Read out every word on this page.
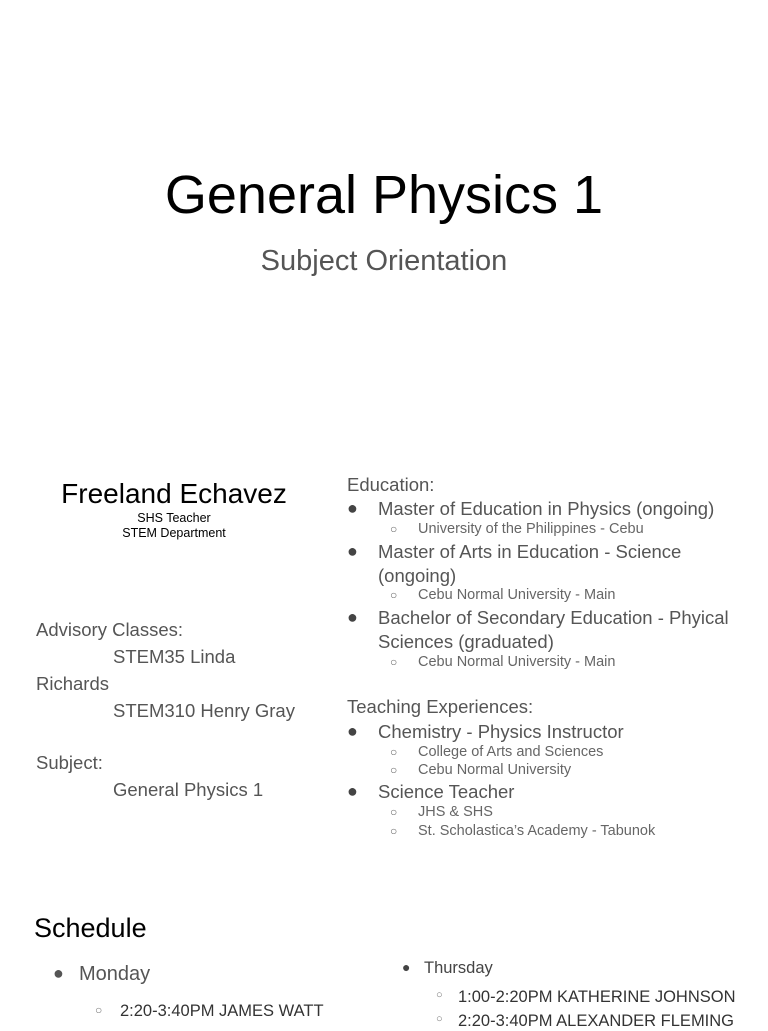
General Physics 1
Subject Orientation
Freeland Echavez
SHS Teacher
STEM Department
Advisory Classes:
STEM35 Linda
Richards
STEM310 Henry Gray
Subject:
General Physics 1
Education:
● Master of Education in Physics (ongoing)
○ University of the Philippines - Cebu
● Master of Arts in Education - Science (ongoing)
○ Cebu Normal University - Main
● Bachelor of Secondary Education - Phyical Sciences (graduated)
○ Cebu Normal University - Main
Teaching Experiences:
● Chemistry - Physics Instructor
○ College of Arts and Sciences
○ Cebu Normal University
● Science Teacher
○ JHS & SHS
○ St. Scholastica’s Academy - Tabunok
Schedule
● Monday
○ 2:20-3:40PM JAMES WATT
● Thursday
○ 1:00-2:20PM KATHERINE JOHNSON
○ 2:20-3:40PM ALEXANDER FLEMING
